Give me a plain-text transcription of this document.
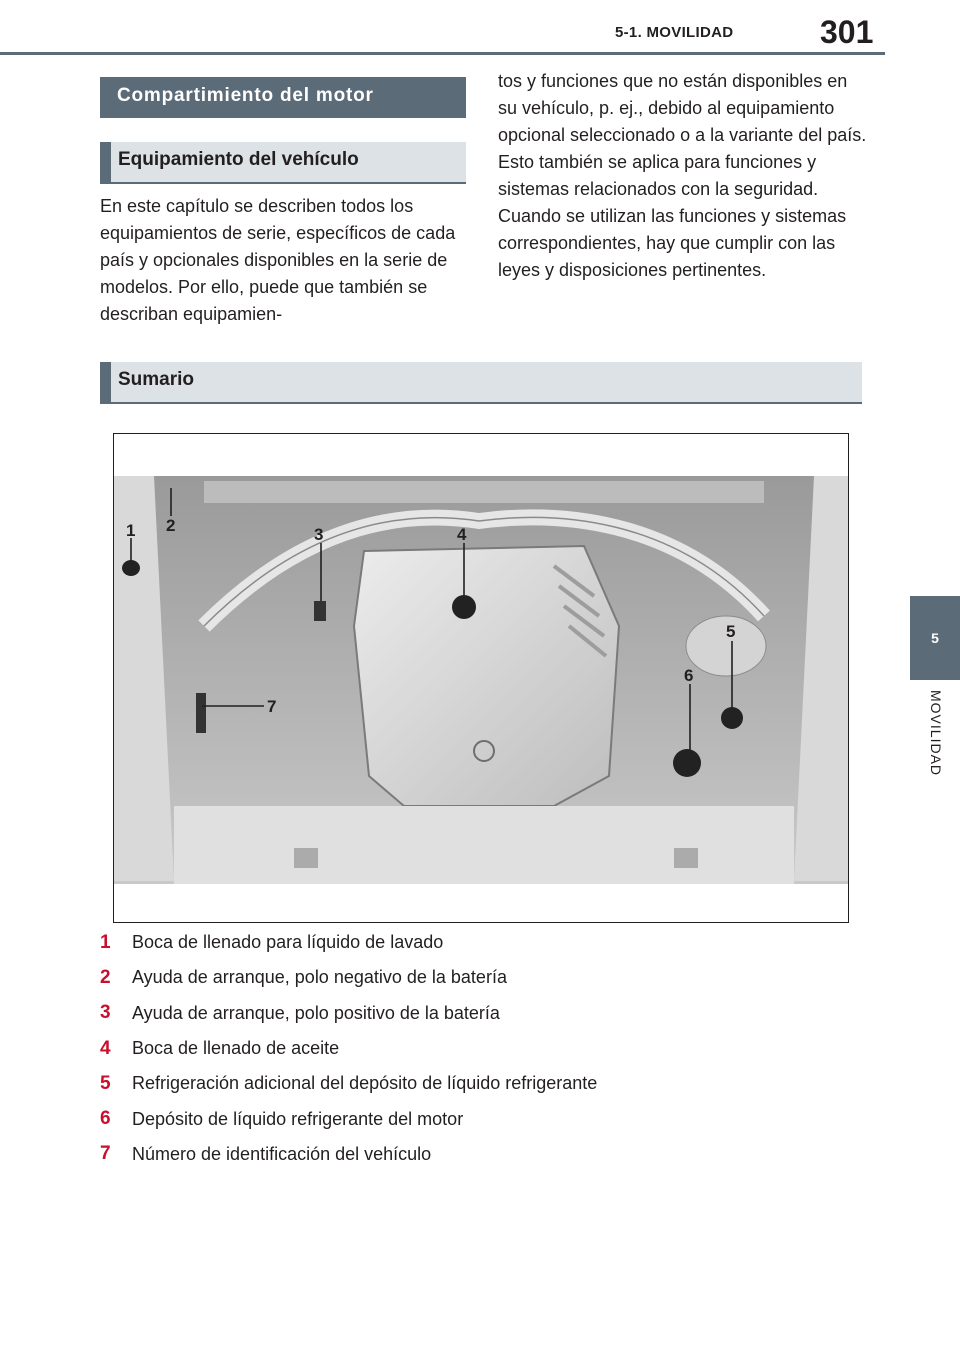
5-1. MOVILIDAD	301
5
MOVILIDAD
Compartimiento del motor
Equipamiento del vehículo
Sumario
En este capítulo se describen todos los equipamientos de serie, específicos de cada país y opcionales disponibles en la serie de modelos. Por ello, puede que también se describan equipamien-
tos y funciones que no están disponibles en su vehículo, p. ej., debido al equipamiento opcional seleccionado o a la variante del país. Esto también se aplica para funciones y sistemas relacionados con la seguridad. Cuando se utilizan las funciones y sistemas correspondientes, hay que cumplir con las leyes y disposiciones pertinentes.
1 2	3	4
5
6
7
1	Boca de llenado para líquido de lavado
2	Ayuda de arranque, polo negativo de la batería
3	Ayuda de arranque, polo positivo de la batería
4	Boca de llenado de aceite
5	Refrigeración adicional del depósito de líquido refrigerante
6	Depósito de líquido refrigerante del motor
7	Número de identificación del vehículo
